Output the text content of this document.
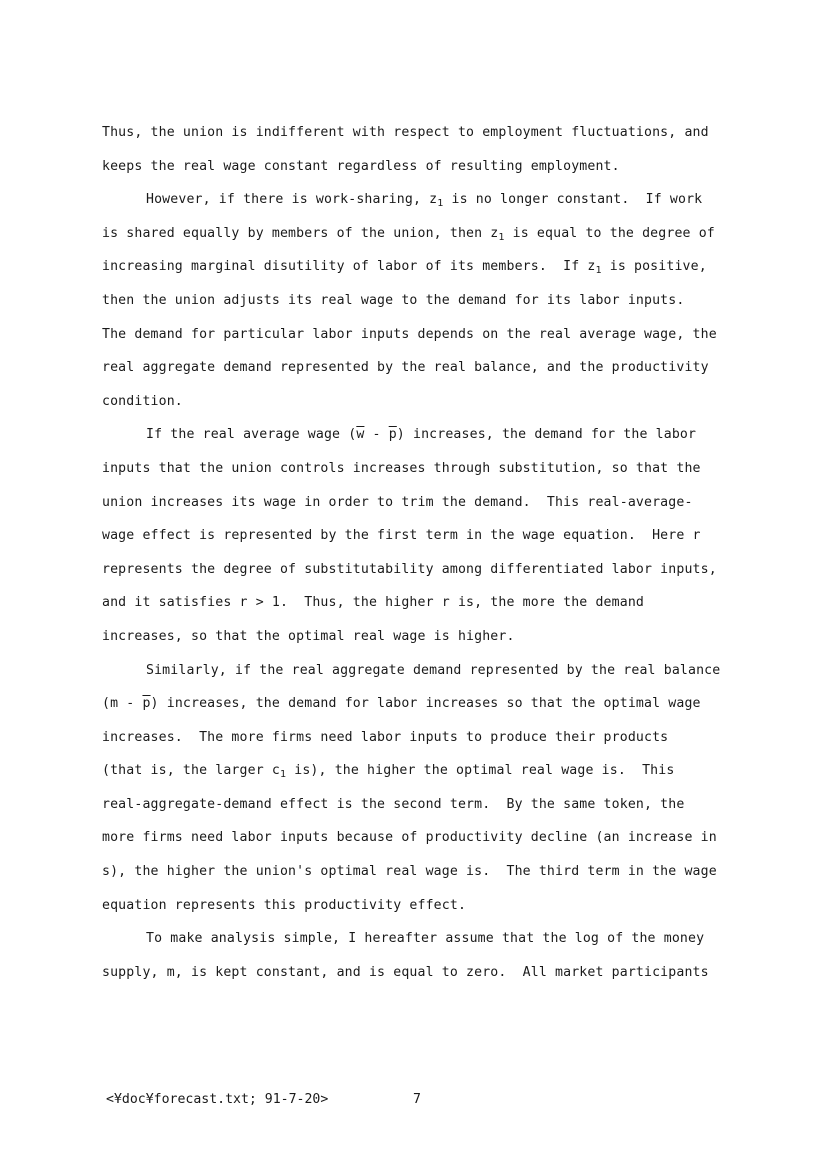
Thus, the union is indifferent with respect to employment fluctuations, and
keeps the real wage constant regardless of resulting employment.
However, if there is work-sharing, $z_1$ is no longer constant.  If work
is shared equally by members of the union, then $z_1$ is equal to the degree of
increasing marginal disutility of labor of its members.  If $z_1$ is positive,
then the union adjusts its real wage to the demand for its labor inputs.
The demand for particular labor inputs depends on the real average wage, the
real aggregate demand represented by the real balance, and the productivity
condition.
If the real average wage $(\overline{w} - \overline{p})$ increases, the demand for the labor
inputs that the union controls increases through substitution, so that the
union increases its wage in order to trim the demand.  This real-average-
wage effect is represented by the first term in the wage equation.  Here r
represents the degree of substitutability among differentiated labor inputs,
and it satisfies r > 1.  Thus, the higher r is, the more the demand
increases, so that the optimal real wage is higher.
Similarly, if the real aggregate demand represented by the real balance
$(m - \overline{p})$ increases, the demand for labor increases so that the optimal wage
increases.  The more firms need labor inputs to produce their products
(that is, the larger $c_1$ is), the higher the optimal real wage is.  This
real-aggregate-demand effect is the second term.  By the same token, the
more firms need labor inputs because of productivity decline (an increase in
s), the higher the union's optimal real wage is.  The third term in the wage
equation represents this productivity effect.
To make analysis simple, I hereafter assume that the log of the money
supply, m, is kept constant, and is equal to zero.  All market participants
<¥doc¥forecast.txt; 91-7-20>	7
